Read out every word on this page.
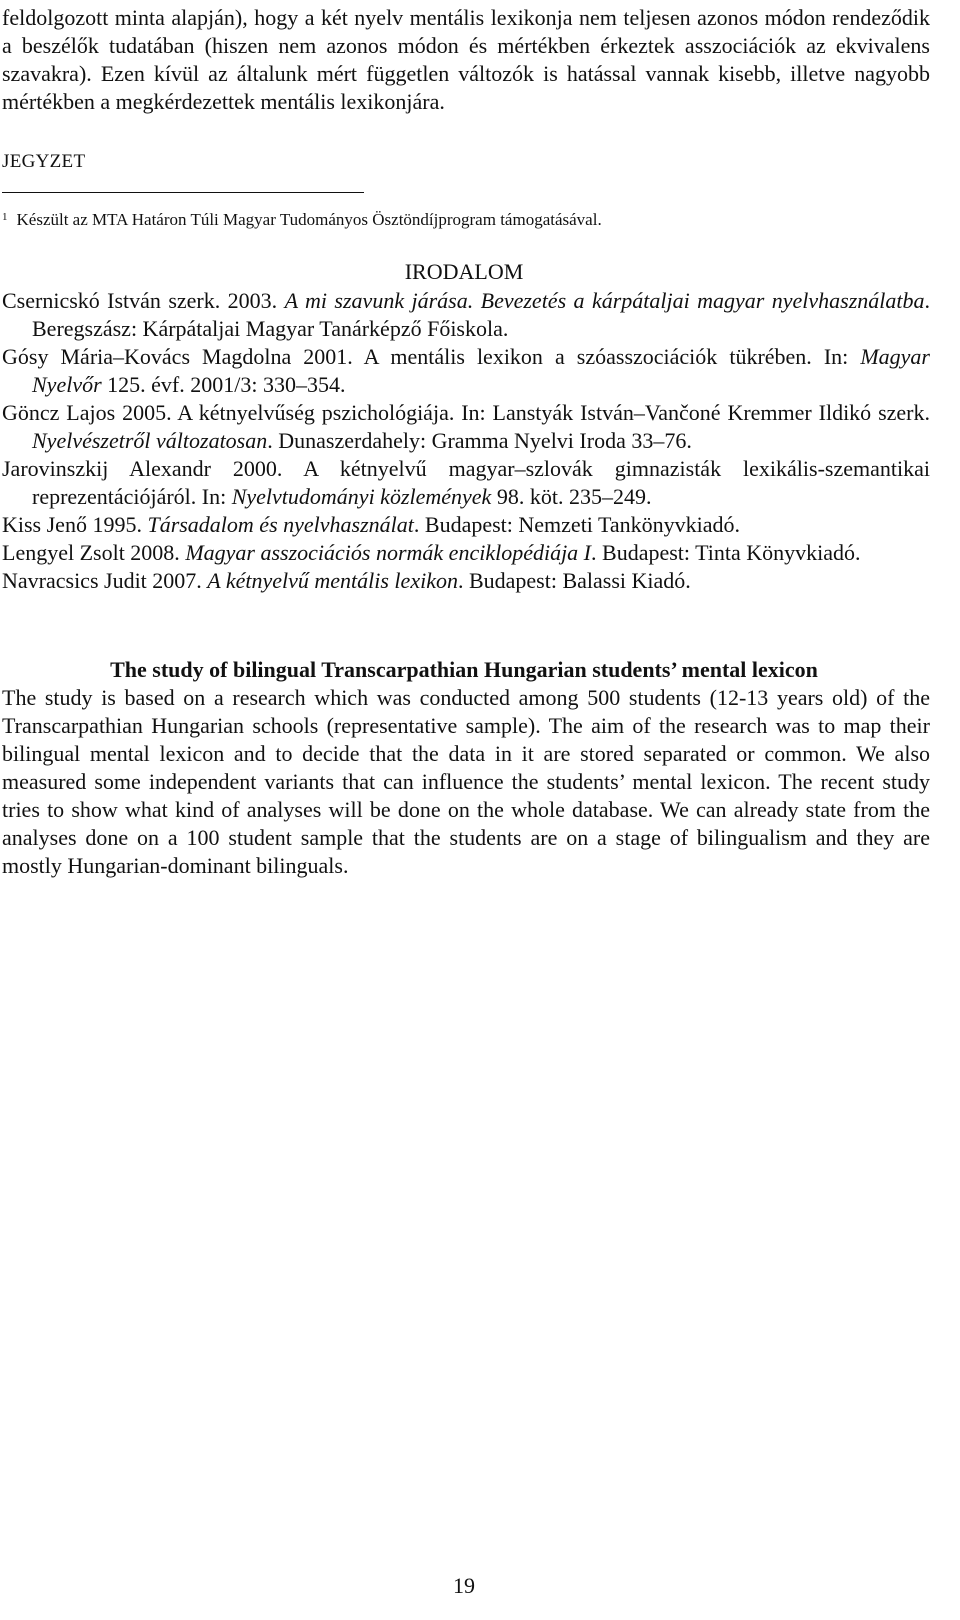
feldolgozott minta alapján), hogy a két nyelv mentális lexikonja nem teljesen azonos módon rendeződik a beszélők tudatában (hiszen nem azonos módon és mértékben érkeztek asszociációk az ekvivalens szavakra). Ezen kívül az általunk mért független változók is hatással vannak kisebb, illetve nagyobb mértékben a megkérdezettek mentális lexikonjára.

JEGYZET
$^1$ Készült az MTA Határon Túli Magyar Tudományos Ösztöndíjprogram támogatásával.
IRODALOM

Csernicskó István szerk. 2003. A mi szavunk járása. Bevezetés a kárpátaljai magyar nyelvhasználatba. Beregszász: Kárpátaljai Magyar Tanárképző Főiskola.

Gósy Mária–Kovács Magdolna 2001. A mentális lexikon a szóasszociációk tükrében. In: Magyar Nyelvőr 125. évf. 2001/3: 330–354.

Göncz Lajos 2005. A kétnyelvűség pszichológiája. In: Lanstyák István–Vančoné Kremmer Ildikó szerk. Nyelvészetről változatosan. Dunaszerdahely: Gramma Nyelvi Iroda 33–76.

Jarovinszkij Alexandr 2000. A kétnyelvű magyar–szlovák gimnazisták lexikális-szemantikai reprezentációjáról. In: Nyelvtudományi közlemények 98. köt. 235–249.

Kiss Jenő 1995. Társadalom és nyelvhasználat. Budapest: Nemzeti Tankönyvkiadó.

Lengyel Zsolt 2008. Magyar asszociációs normák enciklopédiája I. Budapest: Tinta Könyvkiadó.

Navracsics Judit 2007. A kétnyelvű mentális lexikon. Budapest: Balassi Kiadó.

The study of bilingual Transcarpathian Hungarian students’ mental lexicon

The study is based on a research which was conducted among 500 students (12-13 years old) of the Transcarpathian Hungarian schools (representative sample). The aim of the research was to map their bilingual mental lexicon and to decide that the data in it are stored separated or common. We also measured some independent variants that can influence the students’ mental lexicon. The recent study tries to show what kind of analyses will be done on the whole database. We can already state from the analyses done on a 100 student sample that the students are on a stage of bilingualism and they are mostly Hungarian-dominant bilinguals.

19
